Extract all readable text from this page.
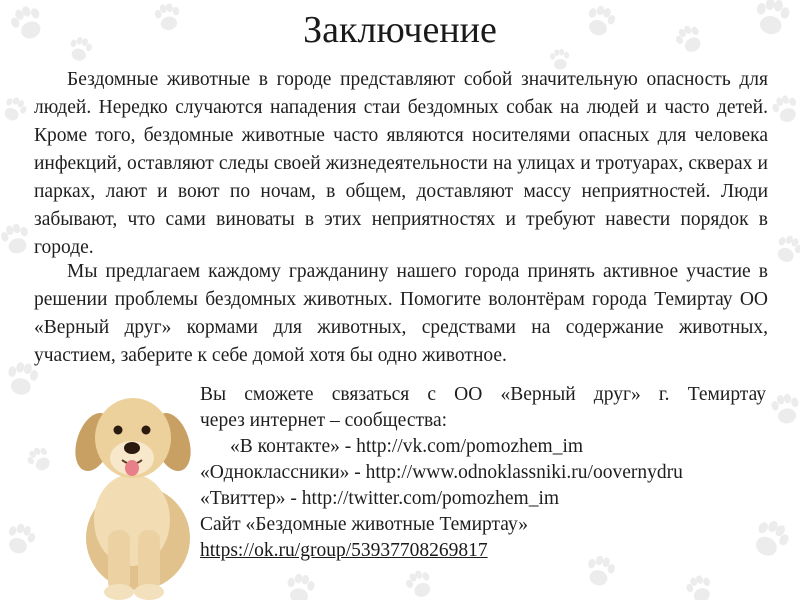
Заключение

Бездомные животные в городе представляют собой значительную опасность для людей. Нередко случаются нападения стаи бездомных собак на людей и часто детей. Кроме того, бездомные животные часто являются носителями опасных для человека инфекций, оставляют следы своей жизнедеятельности на улицах и тротуарах, скверах и парках, лают и воют по ночам, в общем, доставляют массу неприятностей. Люди забывают, что сами виноваты в этих неприятностях и требуют навести порядок в городе.

Мы предлагаем каждому гражданину нашего города принять активное участие в решении проблемы бездомных животных. Помогите волонтёрам города Темиртау ОО «Верный друг» кормами для животных, средствами на содержание животных, участием, заберите к себе домой хотя бы одно животное.

Вы сможете связаться с ОО «Верный друг» г. Темиртау
через интернет – сообщества:
«В контакте» - http://vk.com/pomozhem_im
«Одноклассники» - http://www.odnoklassniki.ru/oovernydru
«Твиттер» - http://twitter.com/pomozhem_im
Сайт «Бездомные животные Темиртау»
https://ok.ru/group/53937708269817
